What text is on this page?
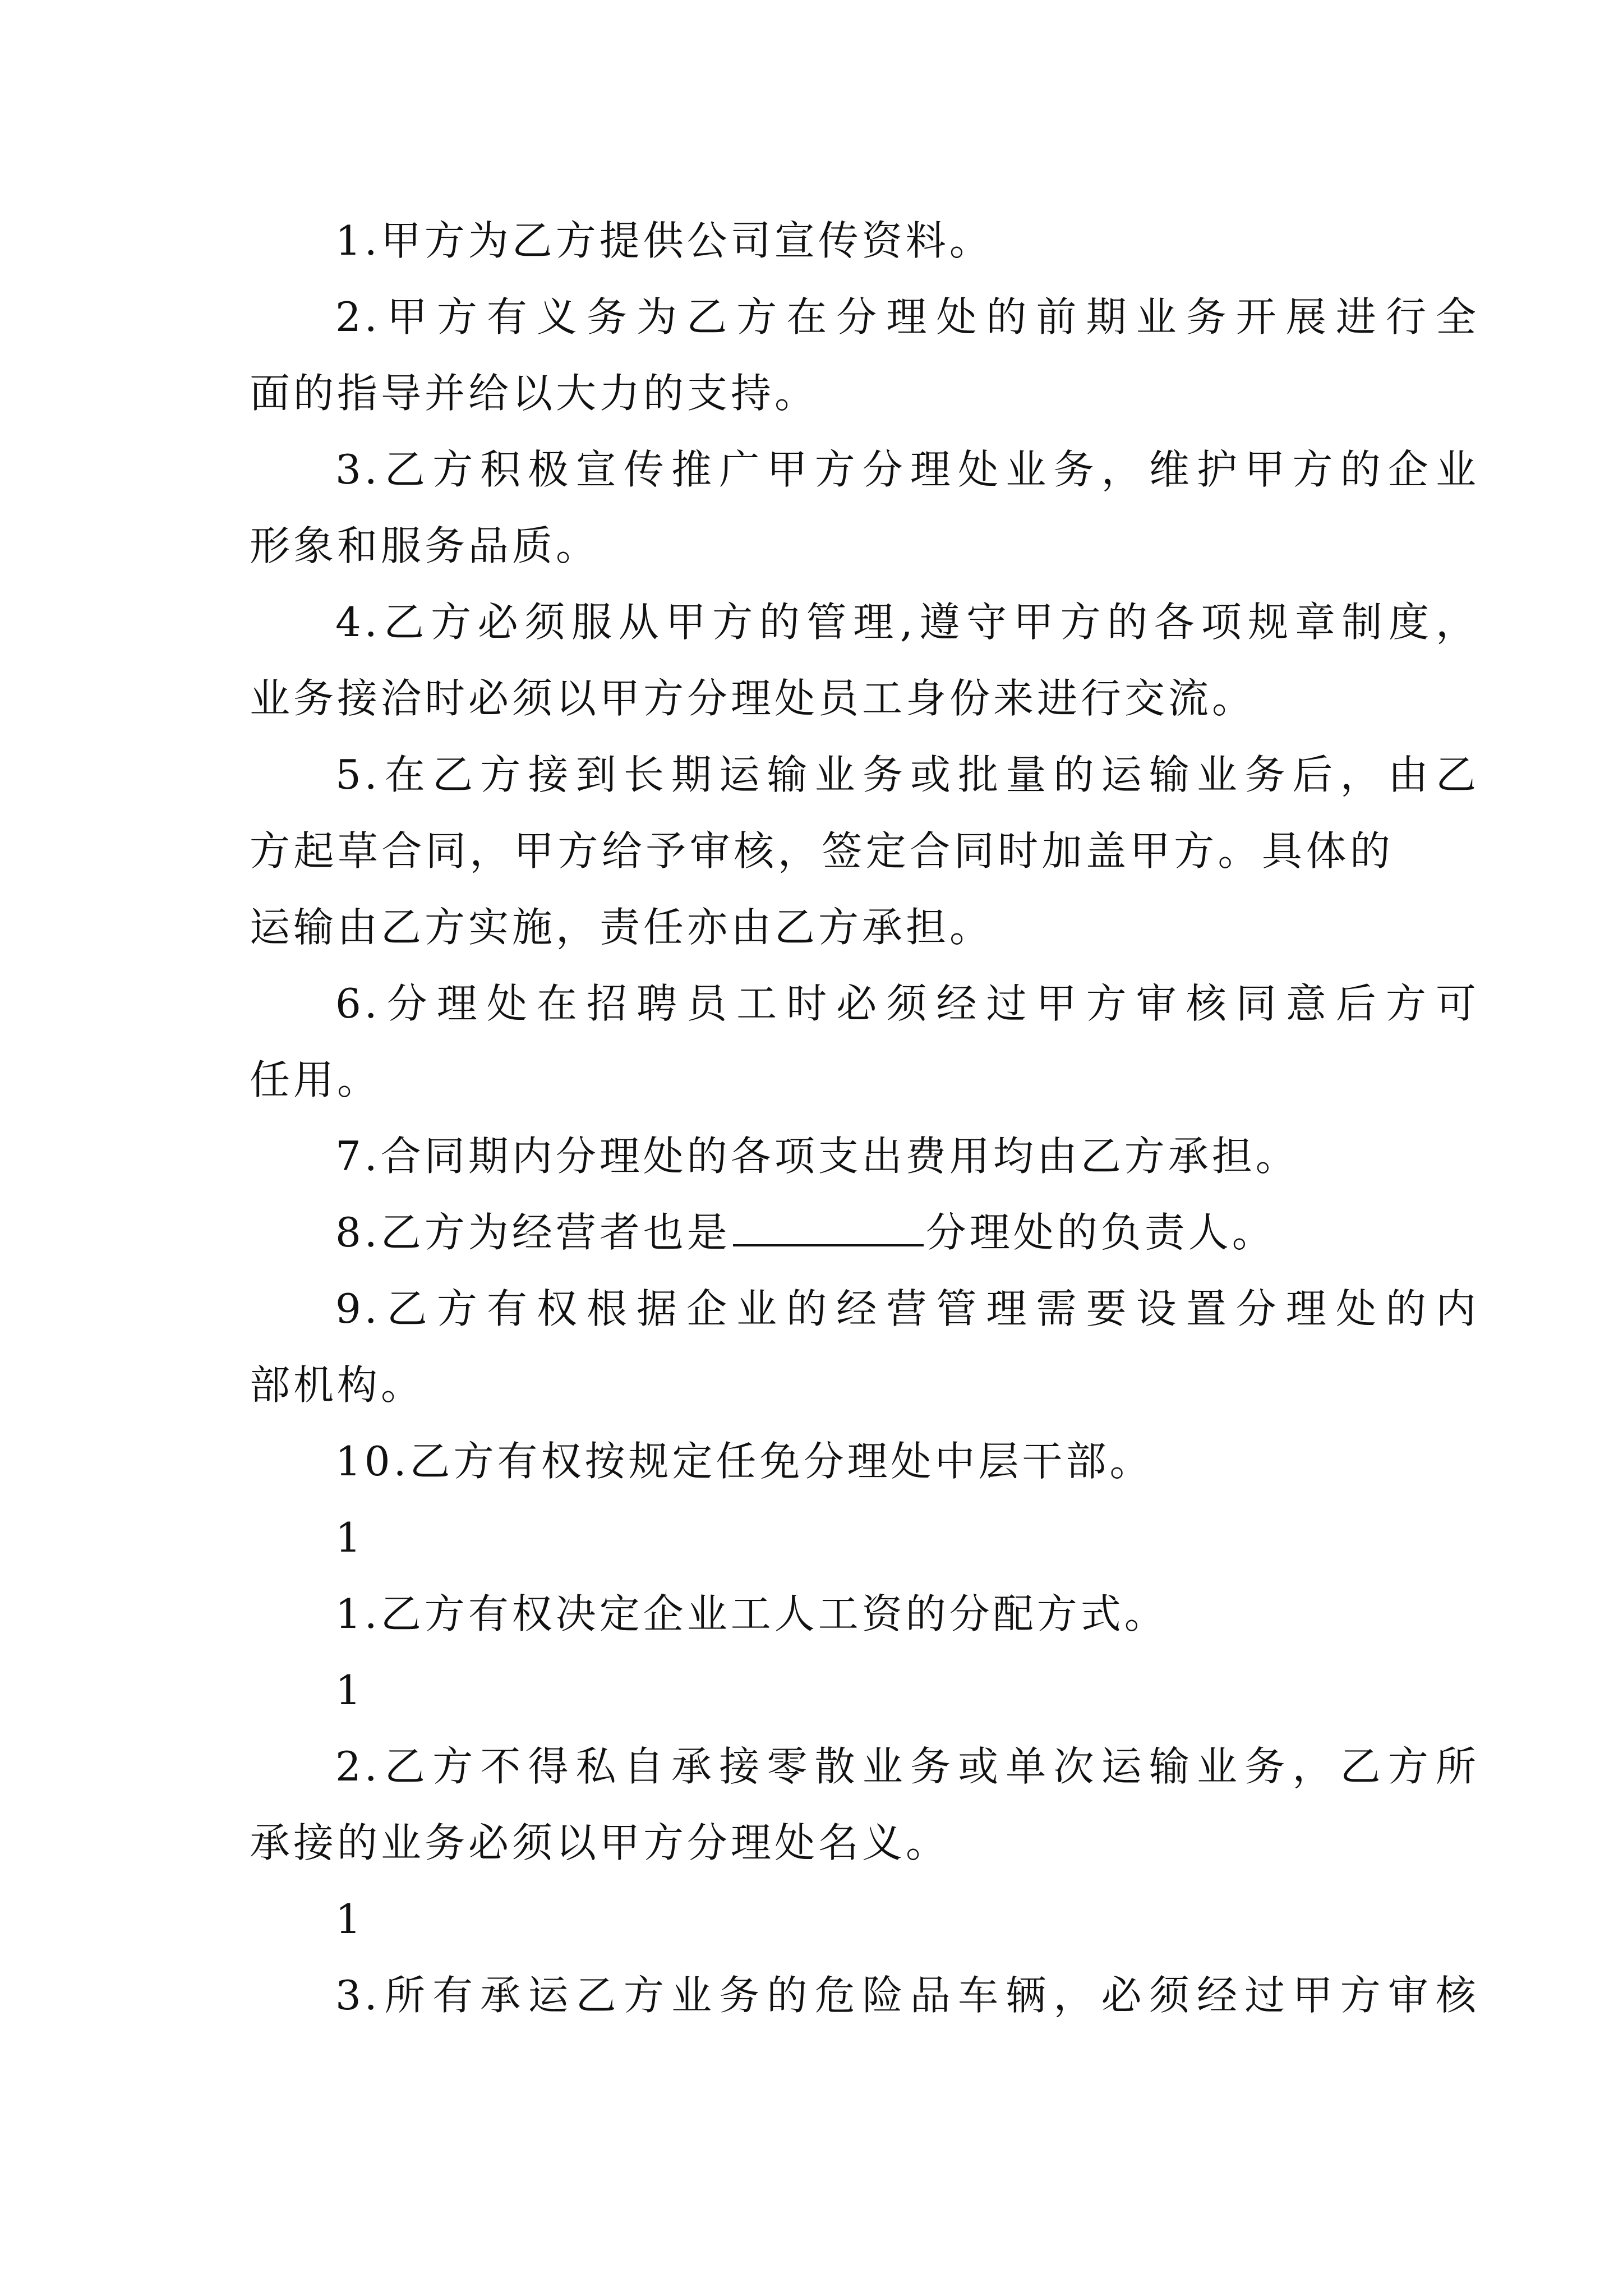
1.甲方为乙方提供公司宣传资料。
2.甲方有义务为乙方在分理处的前期业务开展进行全
面的指导并给以大力的支持。
3.乙方积极宣传推广甲方分理处业务，维护甲方的企业
形象和服务品质。
4.乙方必须服从甲方的管理,遵守甲方的各项规章制度，
业务接洽时必须以甲方分理处员工身份来进行交流。
5.在乙方接到长期运输业务或批量的运输业务后，由乙
方起草合同，甲方给予审核，签定合同时加盖甲方。具体的
运输由乙方实施，责任亦由乙方承担。
6.分理处在招聘员工时必须经过甲方审核同意后方可
任用。
7.合同期内分理处的各项支出费用均由乙方承担。
8.乙方为经营者也是	分理处的负责人。
9.乙方有权根据企业的经营管理需要设置分理处的内
部机构。
10.乙方有权按规定任免分理处中层干部。
1
1.乙方有权决定企业工人工资的分配方式。
1
2.乙方不得私自承接零散业务或单次运输业务，乙方所
承接的业务必须以甲方分理处名义。
1
3.所有承运乙方业务的危险品车辆，必须经过甲方审核
